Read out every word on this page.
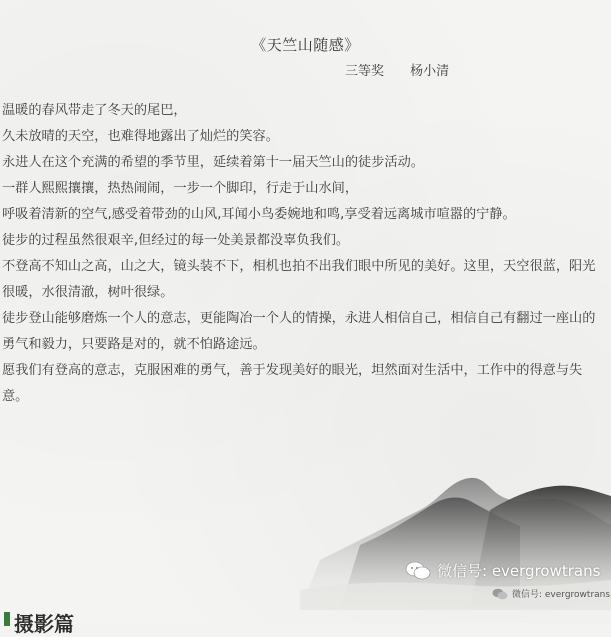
《天竺山随感》
三等奖 杨小清

温暖的春风带走了冬天的尾巴，

久未放晴的天空，也难得地露出了灿烂的笑容。

永进人在这个充满的希望的季节里，延续着第十一届天竺山的徒步活动。

一群人熙熙攘攘，热热闹闹，一步一个脚印，行走于山水间，

呼吸着清新的空气,感受着带劲的山风,耳闻小鸟委婉地和鸣,享受着远离城市喧嚣的宁静。

徒步的过程虽然很艰辛,但经过的每一处美景都没辜负我们。

不登高不知山之高，山之大，镜头装不下，相机也拍不出我们眼中所见的美好。这里，天空很蓝，阳光很暖，水很清澈，树叶很绿。

徒步登山能够磨炼一个人的意志，更能陶冶一个人的情操，永进人相信自己，相信自己有翻过一座山的勇气和毅力，只要路是对的，就不怕路途远。

愿我们有登高的意志，克服困难的勇气，善于发现美好的眼光，坦然面对生活中，工作中的得意与失意。

微信号: evergrowtrans
微信号: evergrowtrans
摄影篇
